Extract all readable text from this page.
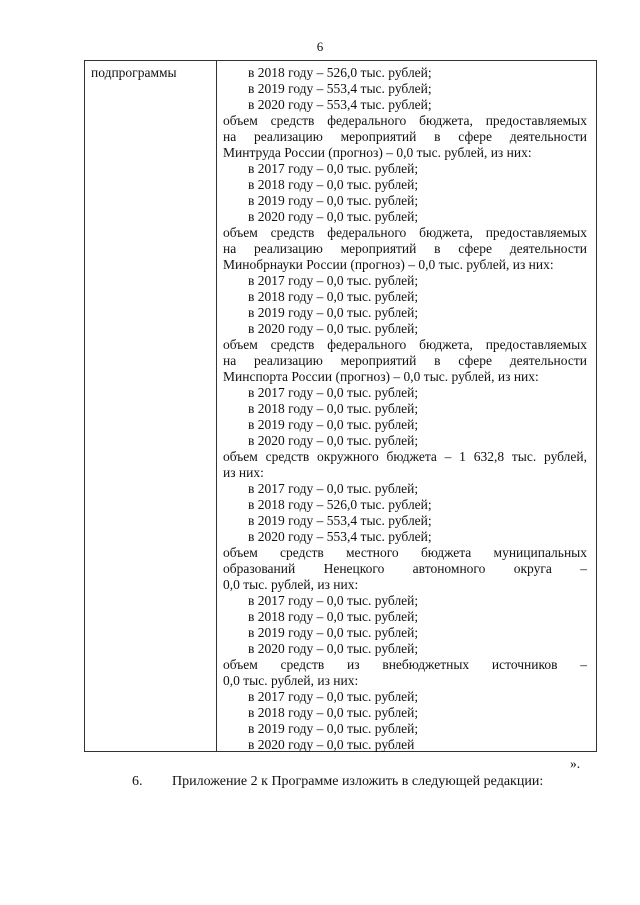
6
подпрограммы	в 2018 году – 526,0 тыс. рублей;
в 2019 году – 553,4 тыс. рублей;
в 2020 году – 553,4 тыс. рублей;
объем средств федерального бюджета, предоставляемых
на реализацию мероприятий в сфере деятельности
Минтруда России (прогноз) – 0,0 тыс. рублей, из них:
в 2017 году – 0,0 тыс. рублей;
в 2018 году – 0,0 тыс. рублей;
в 2019 году – 0,0 тыс. рублей;
в 2020 году – 0,0 тыс. рублей;
объем средств федерального бюджета, предоставляемых
на реализацию мероприятий в сфере деятельности
Минобрнауки России (прогноз) – 0,0 тыс. рублей, из них:
в 2017 году – 0,0 тыс. рублей;
в 2018 году – 0,0 тыс. рублей;
в 2019 году – 0,0 тыс. рублей;
в 2020 году – 0,0 тыс. рублей;
объем средств федерального бюджета, предоставляемых
на реализацию мероприятий в сфере деятельности
Минспорта России (прогноз) – 0,0 тыс. рублей, из них:
в 2017 году – 0,0 тыс. рублей;
в 2018 году – 0,0 тыс. рублей;
в 2019 году – 0,0 тыс. рублей;
в 2020 году – 0,0 тыс. рублей;
объем средств окружного бюджета – 1 632,8 тыс. рублей,
из них:
в 2017 году – 0,0 тыс. рублей;
в 2018 году – 526,0 тыс. рублей;
в 2019 году – 553,4 тыс. рублей;
в 2020 году – 553,4 тыс. рублей;
объем средств местного бюджета муниципальных
образований Ненецкого автономного округа –
0,0 тыс. рублей, из них:
в 2017 году – 0,0 тыс. рублей;
в 2018 году – 0,0 тыс. рублей;
в 2019 году – 0,0 тыс. рублей;
в 2020 году – 0,0 тыс. рублей;
объем средств из внебюджетных источников –
0,0 тыс. рублей, из них:
в 2017 году – 0,0 тыс. рублей;
в 2018 году – 0,0 тыс. рублей;
в 2019 году – 0,0 тыс. рублей;
в 2020 году – 0,0 тыс. рублей
».
6. Приложение 2 к Программе изложить в следующей редакции:
